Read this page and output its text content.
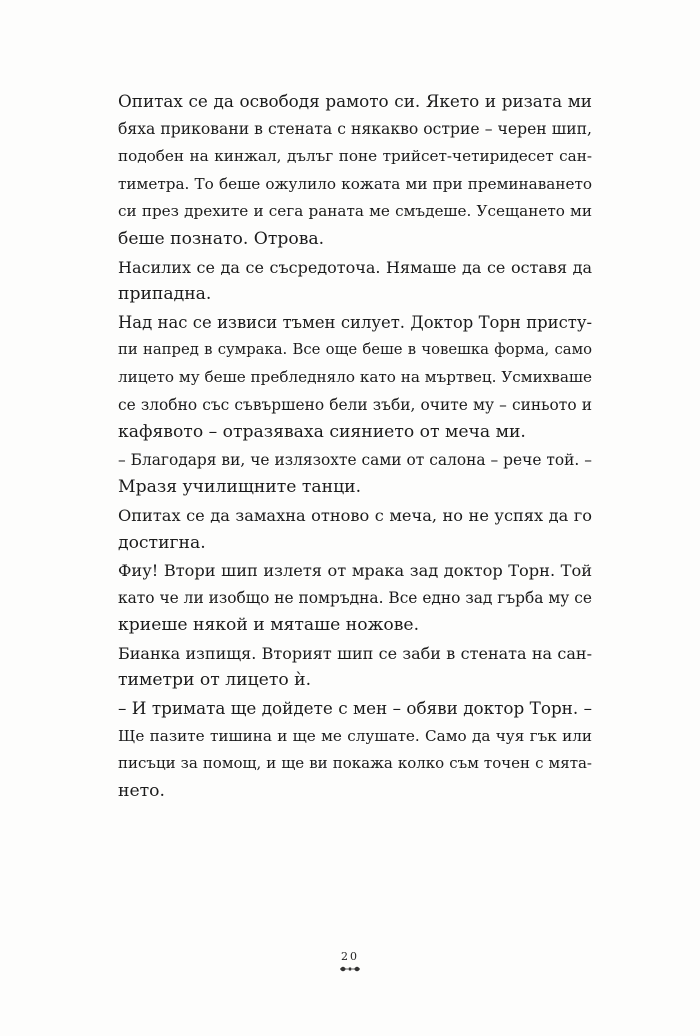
Опитах се да освободя рамото си. Якето и ризата ми
бяха приковани в стената с някакво острие – черен шип,
подобен на кинжал, дълъг поне трийсет-четиридесет сан-
тиметра. То беше ожулило кожата ми при преминаването
си през дрехите и сега раната ме смъдеше. Усещането ми
беше познато. Отрова.

Насилих се да се съсредоточа. Нямаше да се оставя да
припадна.

Над нас се извиси тъмен силует. Доктор Торн присту-
пи напред в сумрака. Все още беше в човешка форма, само
лицето му беше пребледняло като на мъртвец. Усмихваше
се злобно със съвършено бели зъби, очите му – синьото и
кафявото – отразяваха сиянието от меча ми.

– Благодаря ви, че излязохте сами от салона – рече той. –
Мразя училищните танци.

Опитах се да замахна отново с меча, но не успях да го
достигна.

Фиу! Втори шип излетя от мрака зад доктор Торн. Той
като че ли изобщо не помръдна. Все едно зад гърба му се
криеше някой и мяташе ножове.

Бианка изпищя. Вторият шип се заби в стената на сан-
тиметри от лицето ѝ.

– И тримата ще дойдете с мен – обяви доктор Торн. –
Ще пазите тишина и ще ме слушате. Само да чуя гък или
писъци за помощ, и ще ви покажа колко съм точен с мята-
нето.

20
